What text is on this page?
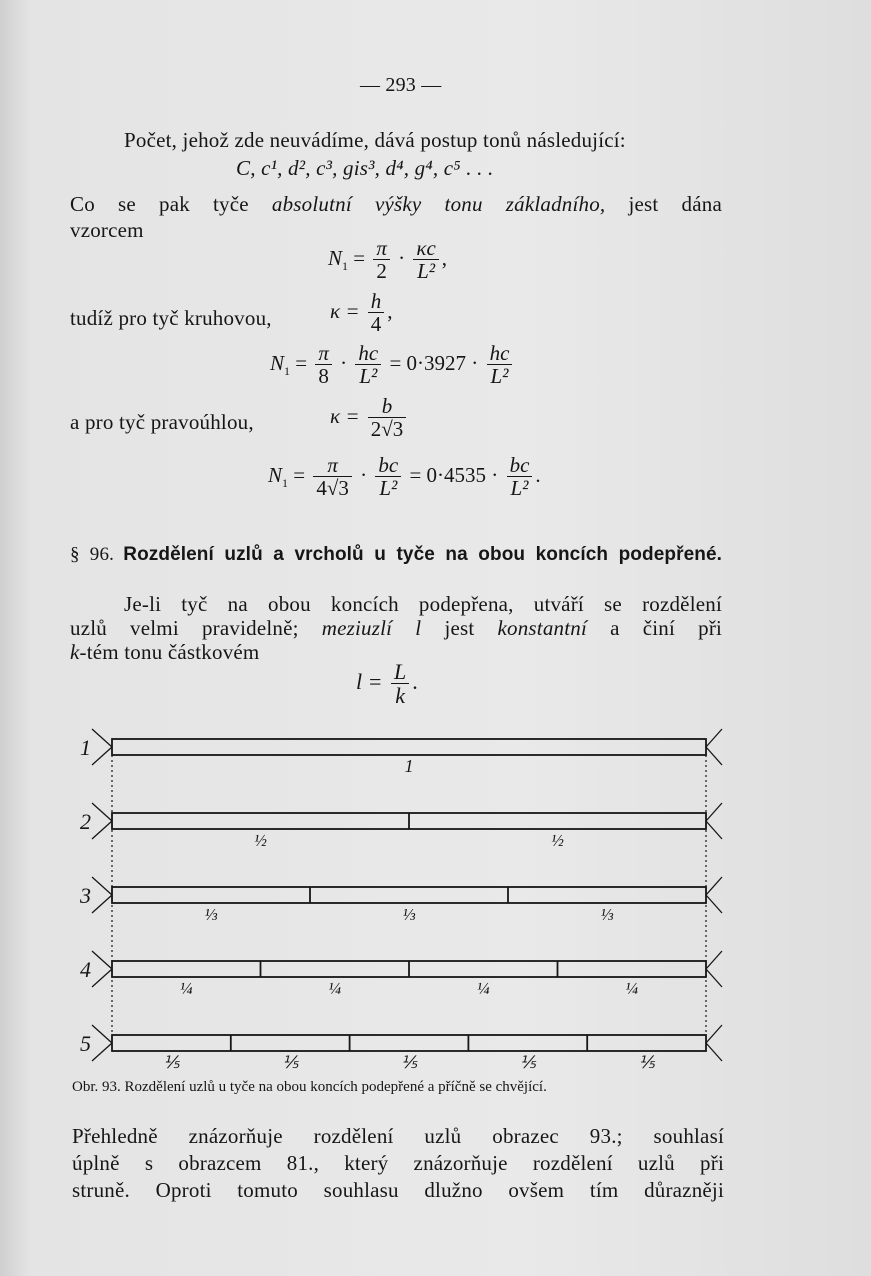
— 293 —
Počet, jehož zde neuvádíme, dává postup tonů následující:
C, c¹, d², c³, gis³, d⁴, g⁴, c⁵ . . .
Co se pak tyče absolutní výšky tonu základního, jest dána
vzorcem
$N_1 = \frac{\pi}{2} \cdot \frac{\kappa c}{\text{L²}}$ ,
tudíž pro tyč kruhovou,	$\kappa = \frac{h}{4}$ ,
$N_1 = \frac{\pi}{8} \cdot \frac{hc}{\text{L²}} = 0\cdot 3927 \cdot \frac{hc}{\text{L²}}$
a pro tyč pravoúhlou,	$\kappa = \frac{b}{2√3}$
$N_1 = \frac{\pi}{4√3} \cdot \frac{bc}{\text{L²}} = 0\cdot 4535 \cdot \frac{bc}{\text{L²}}$ .
§ 96. Rozdělení uzlů a vrcholů u tyče na obou koncích podepřené.
Je-li tyč na obou koncích podepřena, utváří se rozdělení
uzlů velmi pravidelně; meziuzlí l jest konstantní a činí při
k-tém tonu částkovém
$l = \frac{L}{k}$ .
1
1
2
½	½
3
⅓	⅓	⅓
4
¼	¼	¼	¼
5
⅕	⅕	⅕	⅕	⅕
Obr. 93. Rozdělení uzlů u tyče na obou koncích podepřené a příčně se chvějící.
Přehledně znázorňuje rozdělení uzlů obrazec 93.; souhlasí
úplně s obrazcem 81., který znázorňuje rozdělení uzlů při
struně. Oproti tomuto souhlasu dlužno ovšem tím důrazněji
